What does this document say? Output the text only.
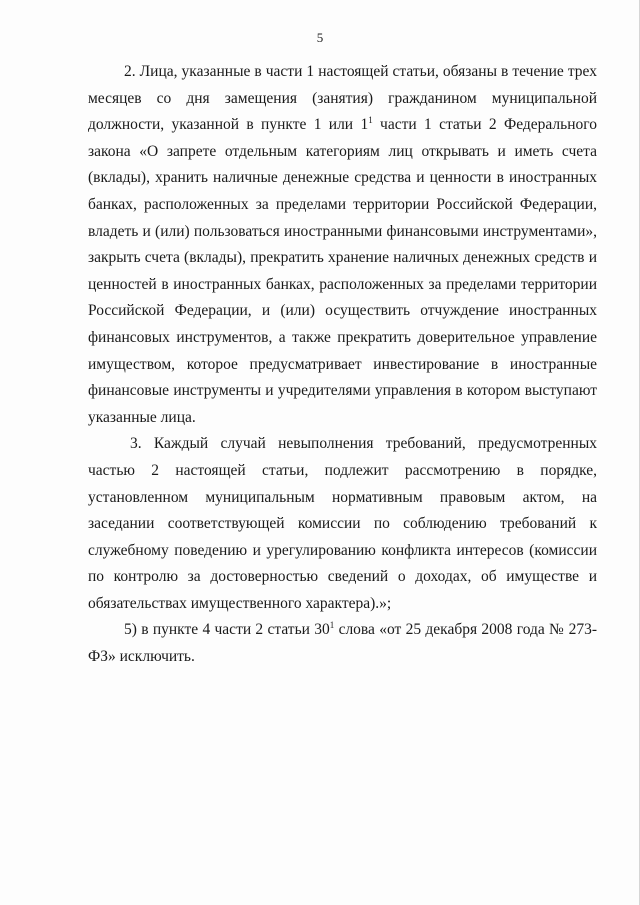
5

2. Лица, указанные в части 1 настоящей статьи, обязаны в течение трех месяцев со дня замещения (занятия) гражданином муниципальной должности, указанной в пункте 1 или $1^1$ части 1 статьи 2 Федерального закона «О запрете отдельным категориям лиц открывать и иметь счета (вклады), хранить наличные денежные средства и ценности в иностранных банках, расположенных за пределами территории Российской Федерации, владеть и (или) пользоваться иностранными финансовыми инструментами», закрыть счета (вклады), прекратить хранение наличных денежных средств и ценностей в иностранных банках, расположенных за пределами территории Российской Федерации, и (или) осуществить отчуждение иностранных финансовых инструментов, а также прекратить доверительное управление имуществом, которое предусматривает инвестирование в иностранные финансовые инструменты и учредителями управления в котором выступают указанные лица.

3. Каждый случай невыполнения требований, предусмотренных частью 2 настоящей статьи, подлежит рассмотрению в порядке, установленном муниципальным нормативным правовым актом, на заседании соответствующей комиссии по соблюдению требований к служебному поведению и урегулированию конфликта интересов (комиссии по контролю за достоверностью сведений о доходах, об имуществе и обязательствах имущественного характера).»;

5) в пункте 4 части 2 статьи $30^1$ слова «от 25 декабря 2008 года № 273-ФЗ» исключить.
